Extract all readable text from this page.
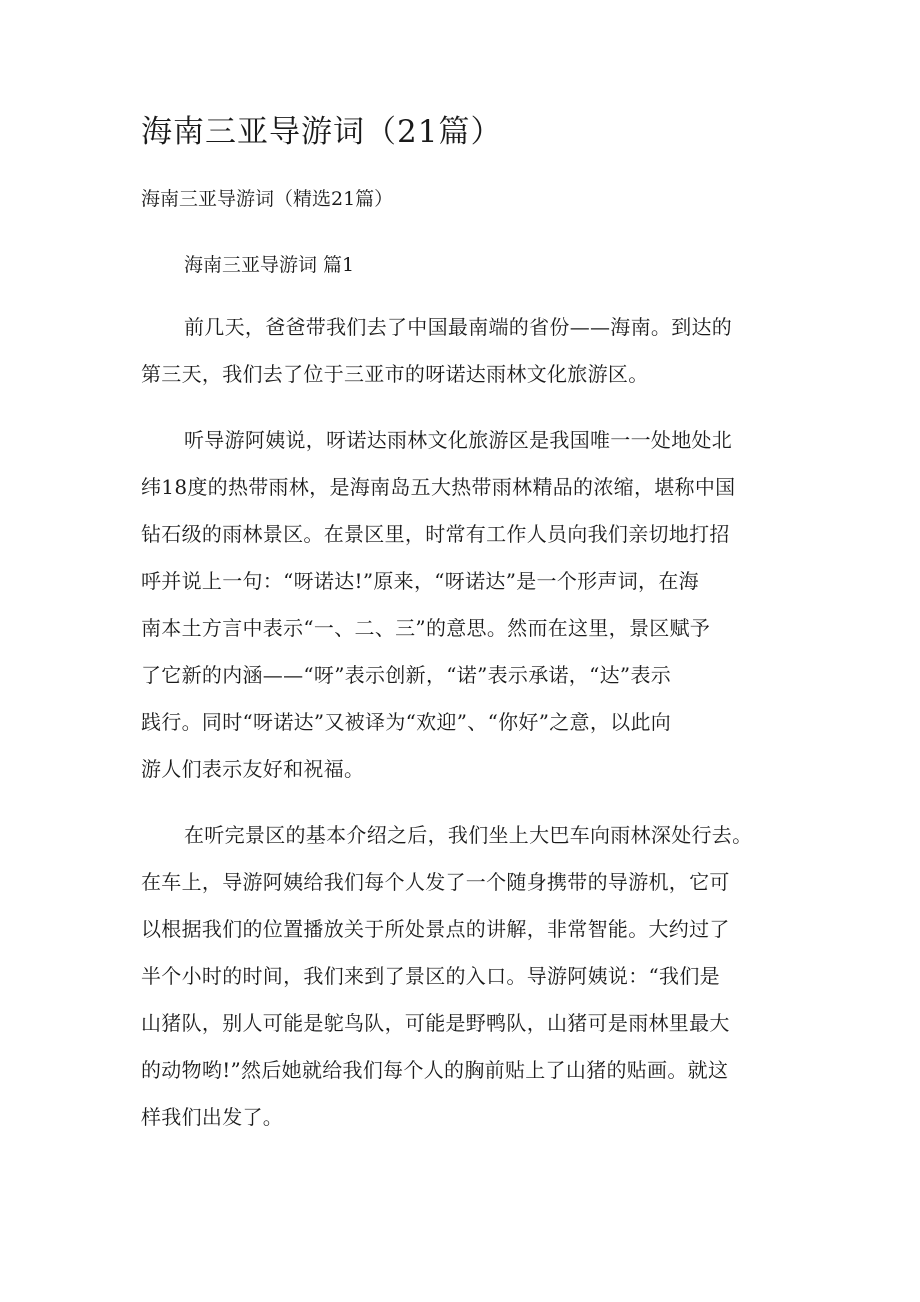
海南三亚导游词（21篇）
海南三亚导游词（精选21篇）
海南三亚导游词 篇1
前几天，爸爸带我们去了中国最南端的省份——海南。到达的
第三天，我们去了位于三亚市的呀诺达雨林文化旅游区。
听导游阿姨说，呀诺达雨林文化旅游区是我国唯一一处地处北
纬18度的热带雨林，是海南岛五大热带雨林精品的浓缩，堪称中国
钻石级的雨林景区。在景区里，时常有工作人员向我们亲切地打招
呼并说上一句：“呀诺达!”原来，“呀诺达”是一个形声词，在海
南本土方言中表示“一、二、三”的意思。然而在这里，景区赋予
了它新的内涵——“呀”表示创新，“诺”表示承诺，“达”表示
践行。同时“呀诺达”又被译为“欢迎”、“你好”之意，以此向
游人们表示友好和祝福。
在听完景区的基本介绍之后，我们坐上大巴车向雨林深处行去。
在车上，导游阿姨给我们每个人发了一个随身携带的导游机，它可
以根据我们的位置播放关于所处景点的讲解，非常智能。大约过了
半个小时的时间，我们来到了景区的入口。导游阿姨说：“我们是
山猪队，别人可能是鸵鸟队，可能是野鸭队，山猪可是雨林里最大
的动物哟!”然后她就给我们每个人的胸前贴上了山猪的贴画。就这
样我们出发了。
